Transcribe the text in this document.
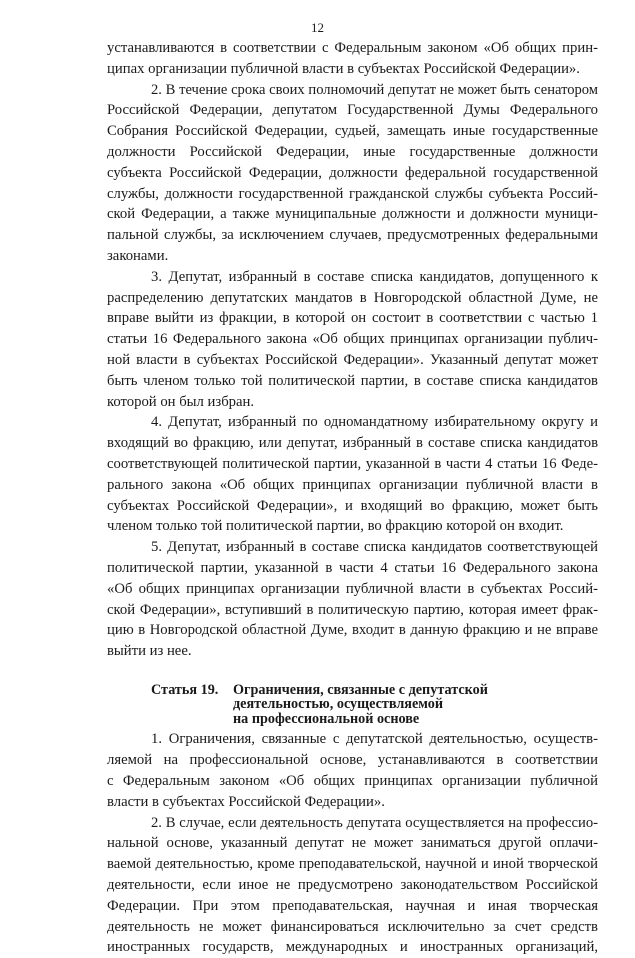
12
устанавливаются в соответствии с Федеральным законом «Об общих прин-
ципах организации публичной власти в субъектах Российской Федерации».
2. В течение срока своих полномочий депутат не может быть сенатором
Российской Федерации, депутатом Государственной Думы Федерального
Собрания Российской Федерации, судьей, замещать иные государственные
должности Российской Федерации, иные государственные должности
субъекта Российской Федерации, должности федеральной государственной
службы, должности государственной гражданской службы субъекта Россий-
ской Федерации, а также муниципальные должности и должности муници-
пальной службы, за исключением случаев, предусмотренных федеральными
законами.
3. Депутат, избранный в составе списка кандидатов, допущенного к
распределению депутатских мандатов в Новгородской областной Думе, не
вправе выйти из фракции, в которой он состоит в соответствии с частью 1
статьи 16 Федерального закона «Об общих принципах организации публич-
ной власти в субъектах Российской Федерации». Указанный депутат может
быть членом только той политической партии, в составе списка кандидатов
которой он был избран.
4. Депутат, избранный по одномандатному избирательному округу и
входящий во фракцию, или депутат, избранный в составе списка кандидатов
соответствующей политической партии, указанной в части 4 статьи 16 Феде-
рального закона «Об общих принципах организации публичной власти в
субъектах Российской Федерации», и входящий во фракцию, может быть
членом только той политической партии, во фракцию которой он входит.
5. Депутат, избранный в составе списка кандидатов соответствующей
политической партии, указанной в части 4 статьи 16 Федерального закона
«Об общих принципах организации публичной власти в субъектах Россий-
ской Федерации», вступивший в политическую партию, которая имеет фрак-
цию в Новгородской областной Думе, входит в данную фракцию и не вправе
выйти из нее.
Статья 19. Ограничения, связанные с депутатской
деятельностью, осуществляемой
на профессиональной основе
1. Ограничения, связанные с депутатской деятельностью, осуществ-
ляемой на профессиональной основе, устанавливаются в соответствии
с Федеральным законом «Об общих принципах организации публичной
власти в субъектах Российской Федерации».
2. В случае, если деятельность депутата осуществляется на профессио-
нальной основе, указанный депутат не может заниматься другой оплачи-
ваемой деятельностью, кроме преподавательской, научной и иной творческой
деятельности, если иное не предусмотрено законодательством Российской
Федерации. При этом преподавательская, научная и иная творческая
деятельность не может финансироваться исключительно за счет средств
иностранных государств, международных и иностранных организаций,
